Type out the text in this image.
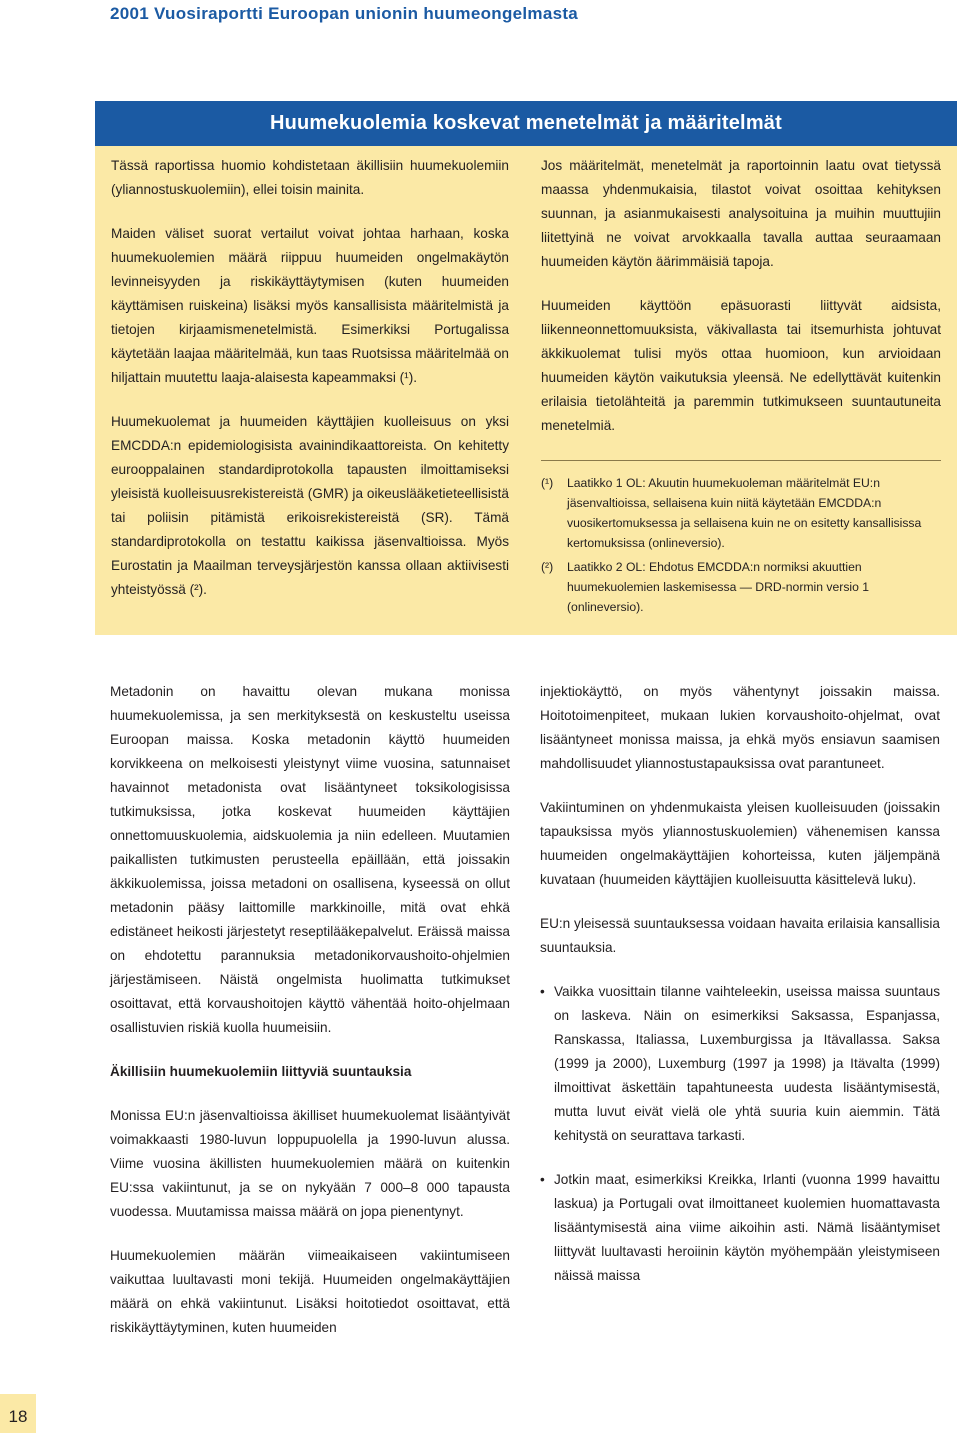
2001 Vuosiraportti Euroopan unionin huumeongelmasta
Huumekuolemia koskevat menetelmät ja määritelmät

Tässä raportissa huomio kohdistetaan äkillisiin huumekuolemiin (yliannostuskuolemiin), ellei toisin mainita.

Maiden väliset suorat vertailut voivat johtaa harhaan, koska huumekuolemien määrä riippuu huumeiden ongelmakäytön levinneisyyden ja riskikäyttäytymisen (kuten huumeiden käyttämisen ruiskeina) lisäksi myös kansallisista määritelmistä ja tietojen kirjaamismenetelmistä. Esimerkiksi Portugalissa käytetään laajaa määritelmää, kun taas Ruotsissa määritelmää on hiljattain muutettu laaja-alaisesta kapeammaksi (¹).

Huumekuolemat ja huumeiden käyttäjien kuolleisuus on yksi EMCDDA:n epidemiologisista avainindikaattoreista. On kehitetty eurooppalainen standardiprotokolla tapausten ilmoittamiseksi yleisistä kuolleisuusrekistereistä (GMR) ja oikeuslääketieteellisistä tai poliisin pitämistä erikoisrekistereistä (SR). Tämä standardiprotokolla on testattu kaikissa jäsenvaltioissa. Myös Eurostatin ja Maailman terveysjärjestön kanssa ollaan aktiivisesti yhteistyössä (²).

Jos määritelmät, menetelmät ja raportoinnin laatu ovat tietyssä maassa yhdenmukaisia, tilastot voivat osoittaa kehityksen suunnan, ja asianmukaisesti analysoituina ja muihin muuttujiin liitettyinä ne voivat arvokkaalla tavalla auttaa seuraamaan huumeiden käytön äärimmäisiä tapoja.

Huumeiden käyttöön epäsuorasti liittyvät aidsista, liikenneonnettomuuksista, väkivallasta tai itsemurhista johtuvat äkkikuolemat tulisi myös ottaa huomioon, kun arvioidaan huumeiden käytön vaikutuksia yleensä. Ne edellyttävät kuitenkin erilaisia tietolähteitä ja paremmin tutkimukseen suuntautuneita menetelmiä.

(¹)	Laatikko 1 OL: Akuutin huumekuoleman määritelmät EU:n jäsenvaltioissa, sellaisena kuin niitä käytetään EMCDDA:n vuosikertomuksessa ja sellaisena kuin ne on esitetty kansallisissa kertomuksissa (onlineversio).
(²)	Laatikko 2 OL: Ehdotus EMCDDA:n normiksi akuuttien huumekuolemien laskemisessa — DRD-normin versio 1 (onlineversio).

Metadonin on havaittu olevan mukana monissa huumekuolemissa, ja sen merkityksestä on keskusteltu useissa Euroopan maissa. Koska metadonin käyttö huumeiden korvikkeena on melkoisesti yleistynyt viime vuosina, satunnaiset havainnot metadonista ovat lisääntyneet toksikologisissa tutkimuksissa, jotka koskevat huumeiden käyttäjien onnettomuuskuolemia, aidskuolemia ja niin edelleen. Muutamien paikallisten tutkimusten perusteella epäillään, että joissakin äkkikuolemissa, joissa metadoni on osallisena, kyseessä on ollut metadonin pääsy laittomille markkinoille, mitä ovat ehkä edistäneet heikosti järjestetyt reseptilääkepalvelut. Eräissä maissa on ehdotettu parannuksia metadonikorvaushoito-ohjelmien järjestämiseen. Näistä ongelmista huolimatta tutkimukset osoittavat, että korvaushoitojen käyttö vähentää hoito-ohjelmaan osallistuvien riskiä kuolla huumeisiin.

Äkillisiin huumekuolemiin liittyviä suuntauksia

Monissa EU:n jäsenvaltioissa äkilliset huumekuolemat lisääntyivät voimakkaasti 1980-luvun loppupuolella ja 1990-luvun alussa. Viime vuosina äkillisten huumekuolemien määrä on kuitenkin EU:ssa vakiintunut, ja se on nykyään 7 000–8 000 tapausta vuodessa. Muutamissa maissa määrä on jopa pienentynyt.

Huumekuolemien määrän viimeaikaiseen vakiintumiseen vaikuttaa luultavasti moni tekijä. Huumeiden ongelmakäyttäjien määrä on ehkä vakiintunut. Lisäksi hoitotiedot osoittavat, että riskikäyttäytyminen, kuten huumeiden

injektiokäyttö, on myös vähentynyt joissakin maissa. Hoitotoimenpiteet, mukaan lukien korvaushoito-ohjelmat, ovat lisääntyneet monissa maissa, ja ehkä myös ensiavun saamisen mahdollisuudet yliannostustapauksissa ovat parantuneet.

Vakiintuminen on yhdenmukaista yleisen kuolleisuuden (joissakin tapauksissa myös yliannostuskuolemien) vähenemisen kanssa huumeiden ongelmakäyttäjien kohorteissa, kuten jäljempänä kuvataan (huumeiden käyttäjien kuolleisuutta käsittelevä luku).

EU:n yleisessä suuntauksessa voidaan havaita erilaisia kansallisia suuntauksia.

• Vaikka vuosittain tilanne vaihteleekin, useissa maissa suuntaus on laskeva. Näin on esimerkiksi Saksassa, Espanjassa, Ranskassa, Italiassa, Luxemburgissa ja Itävallassa. Saksa (1999 ja 2000), Luxemburg (1997 ja 1998) ja Itävalta (1999) ilmoittivat äskettäin tapahtuneesta uudesta lisääntymisestä, mutta luvut eivät vielä ole yhtä suuria kuin aiemmin. Tätä kehitystä on seurattava tarkasti.
• Jotkin maat, esimerkiksi Kreikka, Irlanti (vuonna 1999 havaittu laskua) ja Portugali ovat ilmoittaneet kuolemien huomattavasta lisääntymisestä aina viime aikoihin asti. Nämä lisääntymiset liittyvät luultavasti heroiinin käytön myöhempään yleistymiseen näissä maissa
18
